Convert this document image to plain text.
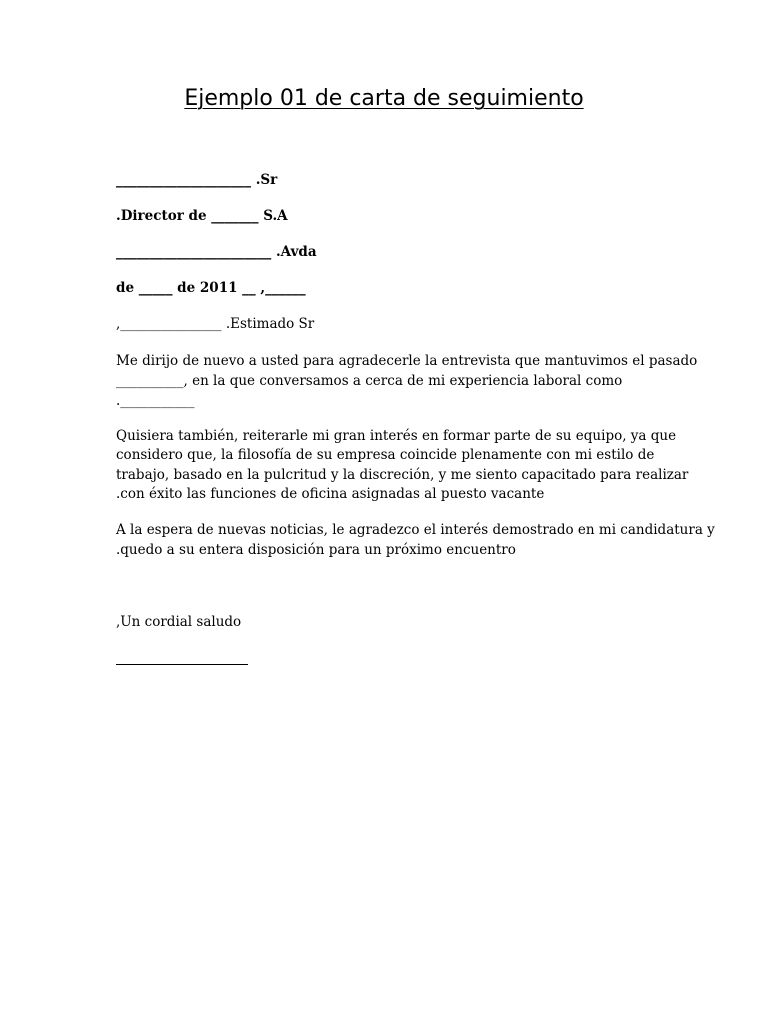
Ejemplo 01 de carta de seguimiento
____________________ .Sr
.Director de _______ S.A
_______________________ .Avda
de _____ de 2011 __ ,______
,_______________ .Estimado Sr
Me dirijo de nuevo a usted para agradecerle la entrevista que mantuvimos el pasado
__________, en la que conversamos a cerca de mi experiencia laboral como
.___________
Quisiera también, reiterarle mi gran interés en formar parte de su equipo, ya que
considero que, la filosofía de su empresa coincide plenamente con mi estilo de
trabajo, basado en la pulcritud y la discreción, y me siento capacitado para realizar
.con éxito las funciones de oficina asignadas al puesto vacante
A la espera de nuevas noticias, le agradezco el interés demostrado en mi candidatura y
.quedo a su entera disposición para un próximo encuentro
,Un cordial saludo
